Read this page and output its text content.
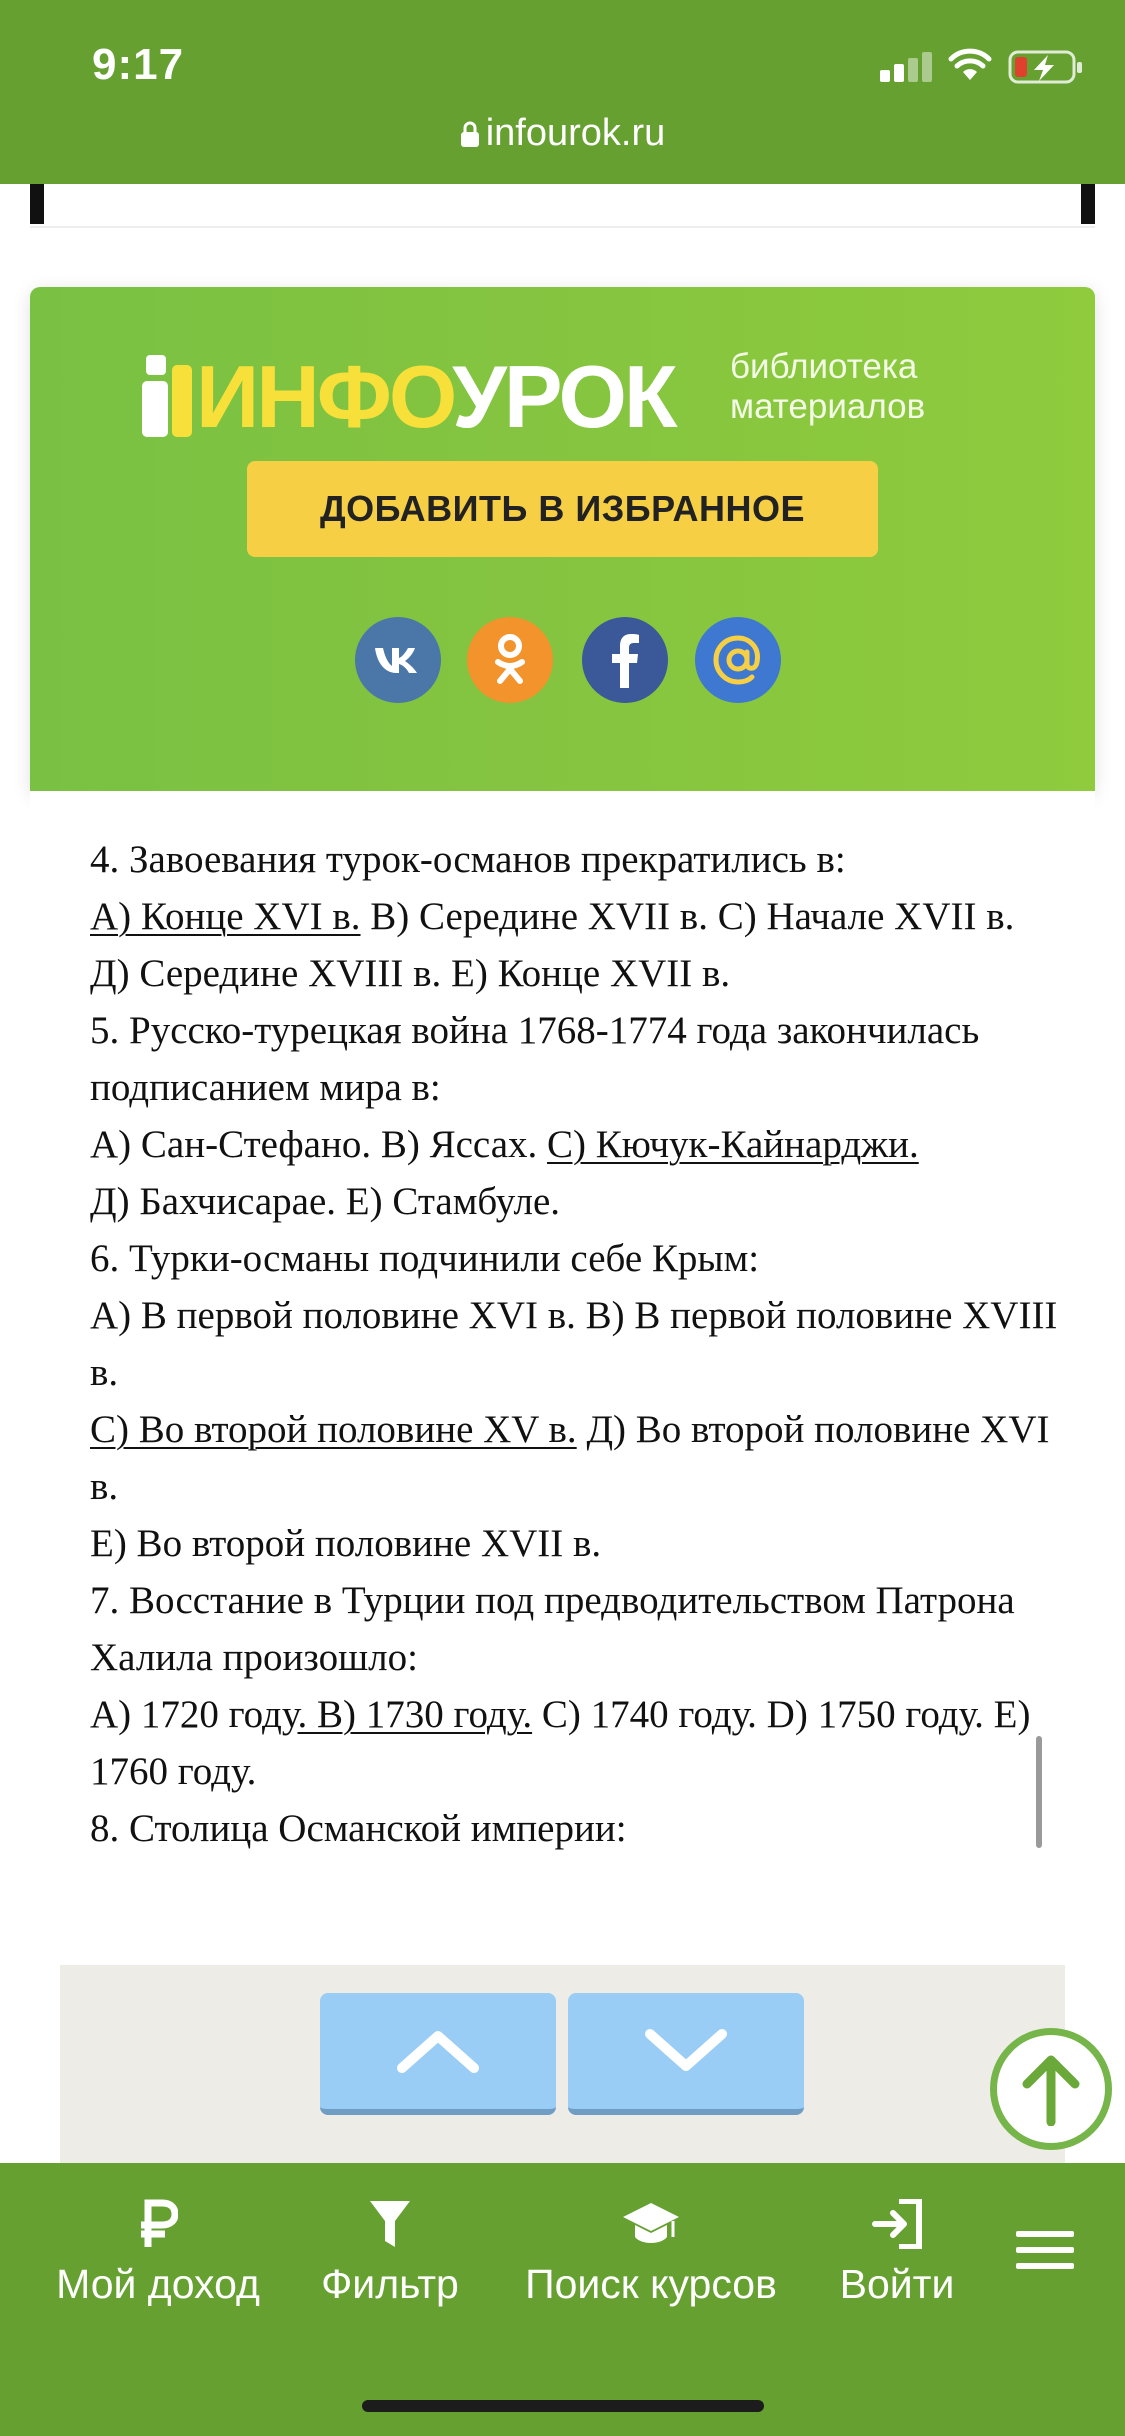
9:17
infourok.ru
ИНФОУРОК библиотека
материалов
ДОБАВИТЬ В ИЗБРАННОЕ

4. Завоевания турок-османов прекратились в:

А) Конце XVI в. В) Середине XVII в. С) Начале XVII в.

Д) Середине XVIII в. Е) Конце XVII в.

5. Русско-турецкая война 1768-1774 года закончилась подписанием мира в:

А) Сан-Стефано. В) Яссах. С) Кючук-Кайнарджи.

Д) Бахчисарае. Е) Стамбуле.

6. Турки-османы подчинили себе Крым:

А) В первой половине XVI в. В) В первой половине XVIII в.

С) Во второй половине XV в. Д) Во второй половине XVI в.

Е) Во второй половине XVII в.

7. Восстание в Турции под предводительством Патрона Халила произошло:

А) 1720 году. В) 1730 году. С) 1740 году. D) 1750 году. Е) 1760 году.

8. Столица Османской империи:

Мой доход Фильтр Поиск курсов Войти
